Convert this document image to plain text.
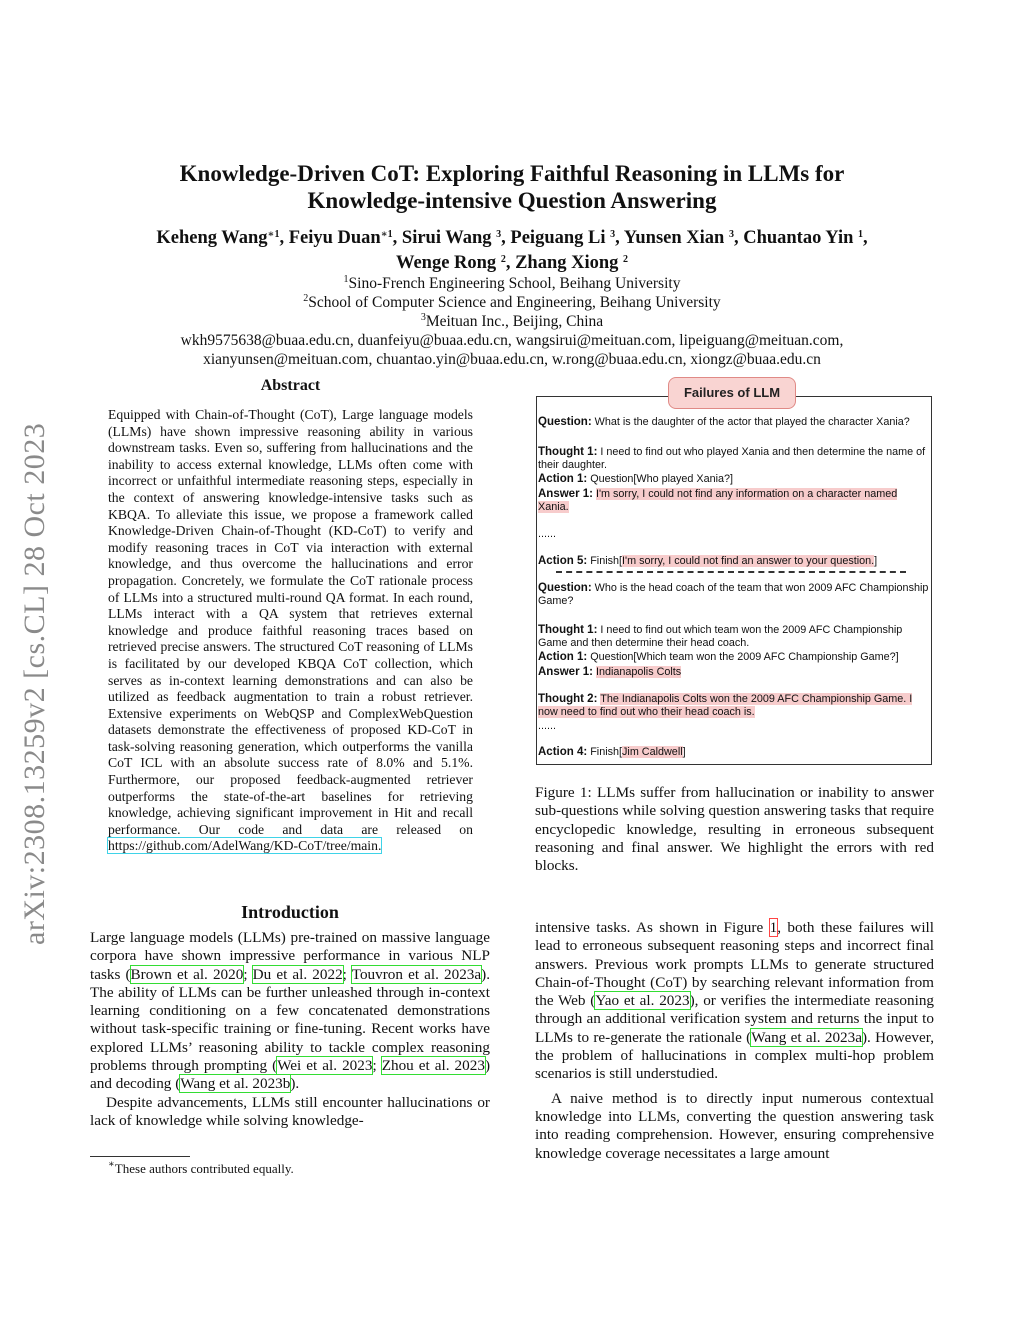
arXiv:2308.13259v2 [cs.CL] 28 Oct 2023
Knowledge-Driven CoT: Exploring Faithful Reasoning in LLMs for
Knowledge-intensive Question Answering
Keheng Wang$^{∗1}$, Feiyu Duan$^{∗1}$, Sirui Wang $^3$, Peiguang Li $^3$, Yunsen Xian $^3$, Chuantao Yin $^1$,
Wenge Rong $^2$, Zhang Xiong $^2$
$^1$Sino-French Engineering School, Beihang University
$^2$School of Computer Science and Engineering, Beihang University
$^3$Meituan Inc., Beijing, China
wkh9575638@buaa.edu.cn, duanfeiyu@buaa.edu.cn, wangsirui@meituan.com, lipeiguang@meituan.com,
xianyunsen@meituan.com, chuantao.yin@buaa.edu.cn, w.rong@buaa.edu.cn, xiongz@buaa.edu.cn
Abstract
Equipped with Chain-of-Thought (CoT), Large language models (LLMs) have shown impressive reasoning ability in various downstream tasks. Even so, suffering from hallucinations and the inability to access external knowledge, LLMs often come with incorrect or unfaithful intermediate reasoning steps, especially in the context of answering knowledge-intensive tasks such as KBQA. To alleviate this issue, we propose a framework called Knowledge-Driven Chain-of-Thought (KD-CoT) to verify and modify reasoning traces in CoT via interaction with external knowledge, and thus overcome the hallucinations and error propagation. Concretely, we formulate the CoT rationale process of LLMs into a structured multi-round QA format. In each round, LLMs interact with a QA system that retrieves external knowledge and produce faithful reasoning traces based on retrieved precise answers. The structured CoT reasoning of LLMs is facilitated by our developed KBQA CoT collection, which serves as in-context learning demonstrations and can also be utilized as feedback augmentation to train a robust retriever. Extensive experiments on WebQSP and ComplexWebQuestion datasets demonstrate the effectiveness of proposed KD-CoT in task-solving reasoning generation, which outperforms the vanilla CoT ICL with an absolute success rate of 8.0% and 5.1%. Furthermore, our proposed feedback-augmented retriever outperforms the state-of-the-art baselines for retrieving knowledge, achieving significant improvement in Hit and recall performance. Our code and data are released on https://github.com/AdelWang/KD-CoT/tree/main.
Introduction

Large language models (LLMs) pre-trained on massive language corpora have shown impressive performance in various NLP tasks (Brown et al. 2020; Du et al. 2022; Touvron et al. 2023a). The ability of LLMs can be further unleashed through in-context learning conditioning on a few concatenated demonstrations without task-specific training or fine-tuning. Recent works have explored LLMs’ reasoning ability to tackle complex reasoning problems through prompting (Wei et al. 2023; Zhou et al. 2023) and decoding (Wang et al. 2023b).

Despite advancements, LLMs still encounter hallucinations or lack of knowledge while solving knowledge-

∗These authors contributed equally.
Failures of LLM
Question: What is the daughter of the actor that played the character Xania?
Thought 1: I need to find out who played Xania and then determine the name of their daughter.
Action 1: Question[Who played Xania?]
Answer 1: I'm sorry, I could not find any information on a character named Xania.
......
Action 5: Finish[I'm sorry, I could not find an answer to your question.]
Question: Who is the head coach of the team that won 2009 AFC Championship Game?
Thought 1: I need to find out which team won the 2009 AFC Championship Game and then determine their head coach.
Action 1: Question[Which team won the 2009 AFC Championship Game?]
Answer 1: Indianapolis Colts
Thought 2: The Indianapolis Colts won the 2009 AFC Championship Game. I now need to find out who their head coach is.
......
Action 4: Finish[Jim Caldwell]
Figure 1: LLMs suffer from hallucination or inability to answer sub-questions while solving question answering tasks that require encyclopedic knowledge, resulting in erroneous subsequent reasoning and final answer. We highlight the errors with red blocks.

intensive tasks. As shown in Figure 1, both these failures will lead to erroneous subsequent reasoning steps and incorrect final answers. Previous work prompts LLMs to generate structured Chain-of-Thought (CoT) by searching relevant information from the Web (Yao et al. 2023), or verifies the intermediate reasoning through an additional verification system and returns the input to LLMs to re-generate the rationale (Wang et al. 2023a). However, the problem of hallucinations in complex multi-hop problem scenarios is still understudied.

A naive method is to directly input numerous contextual knowledge into LLMs, converting the question answering task into reading comprehension. However, ensuring comprehensive knowledge coverage necessitates a large amount
